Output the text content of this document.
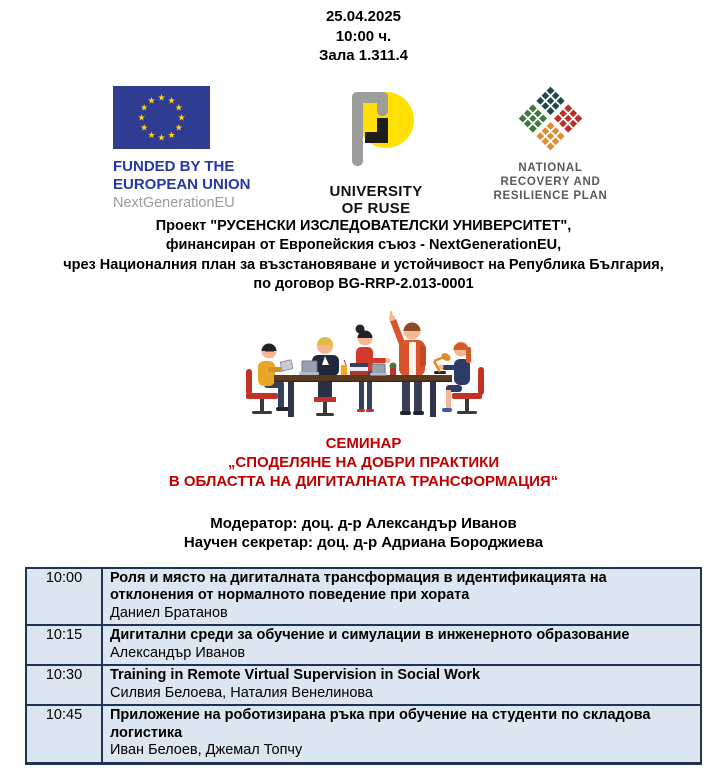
25.04.2025
10:00 ч.
Зала 1.311.4
★ ★
★
★
★
★
★
★
★
★
★
★
FUNDED BY THE
EUROPEAN UNION
NextGenerationEU
UNIVERSITY
OF RUSE
NATIONAL
RECOVERY AND
RESILIENCE PLAN
Проект "РУСЕНСКИ ИЗСЛЕДОВАТЕЛСКИ УНИВЕРСИТЕТ",
финансиран от Европейския съюз - NextGenerationEU,
чрез Националния план за възстановяване и устойчивост на Република България,
по договор BG-RRP-2.013-0001
СЕМИНАР
„СПОДЕЛЯНЕ НА ДОБРИ ПРАКТИКИ
В ОБЛАСТТА НА ДИГИТАЛНАТА ТРАНСФОРМАЦИЯ“
Модератор: доц. д-р Александър Иванов
Научен секретар: доц. д-р Адриана Бороджиева
10:00	Роля и място на дигиталната трансформация в идентификацията на отклонения от нормалното поведение при хората
Даниел Братанов

10:15	Дигитални среди за обучение и симулации в инженерното образование
Александър Иванов

10:30	Training in Remote Virtual Supervision in Social Work
Силвия Белоева, Наталия Венелинова

10:45	Приложение на роботизирана ръка при обучение на студенти по складова логистика
Иван Белоев, Джемал Топчу
